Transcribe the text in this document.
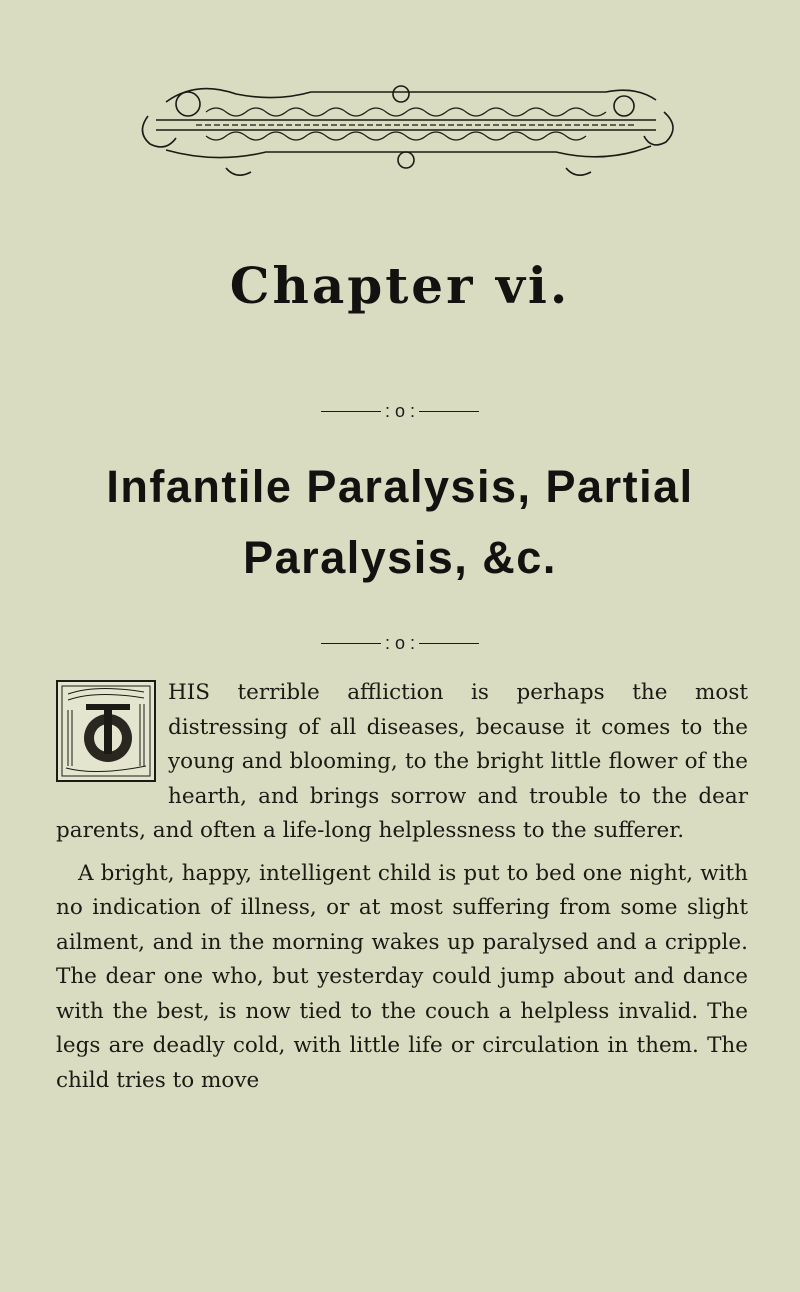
Chapter vi.
: o :
Infantile Paralysis, Partial
Paralysis, &c.
: o :

HIS terrible affliction is perhaps the most distressing of all diseases, because it comes to the young and blooming, to the bright little flower of the hearth, and brings sorrow and trouble to the dear parents, and often a life-long helplessness to the sufferer.

A bright, happy, intelligent child is put to bed one night, with no indication of illness, or at most suffering from some slight ailment, and in the morning wakes up paralysed and a cripple. The dear one who, but yesterday could jump about and dance with the best, is now tied to the couch a helpless invalid. The legs are deadly cold, with little life or circulation in them. The child tries to move
